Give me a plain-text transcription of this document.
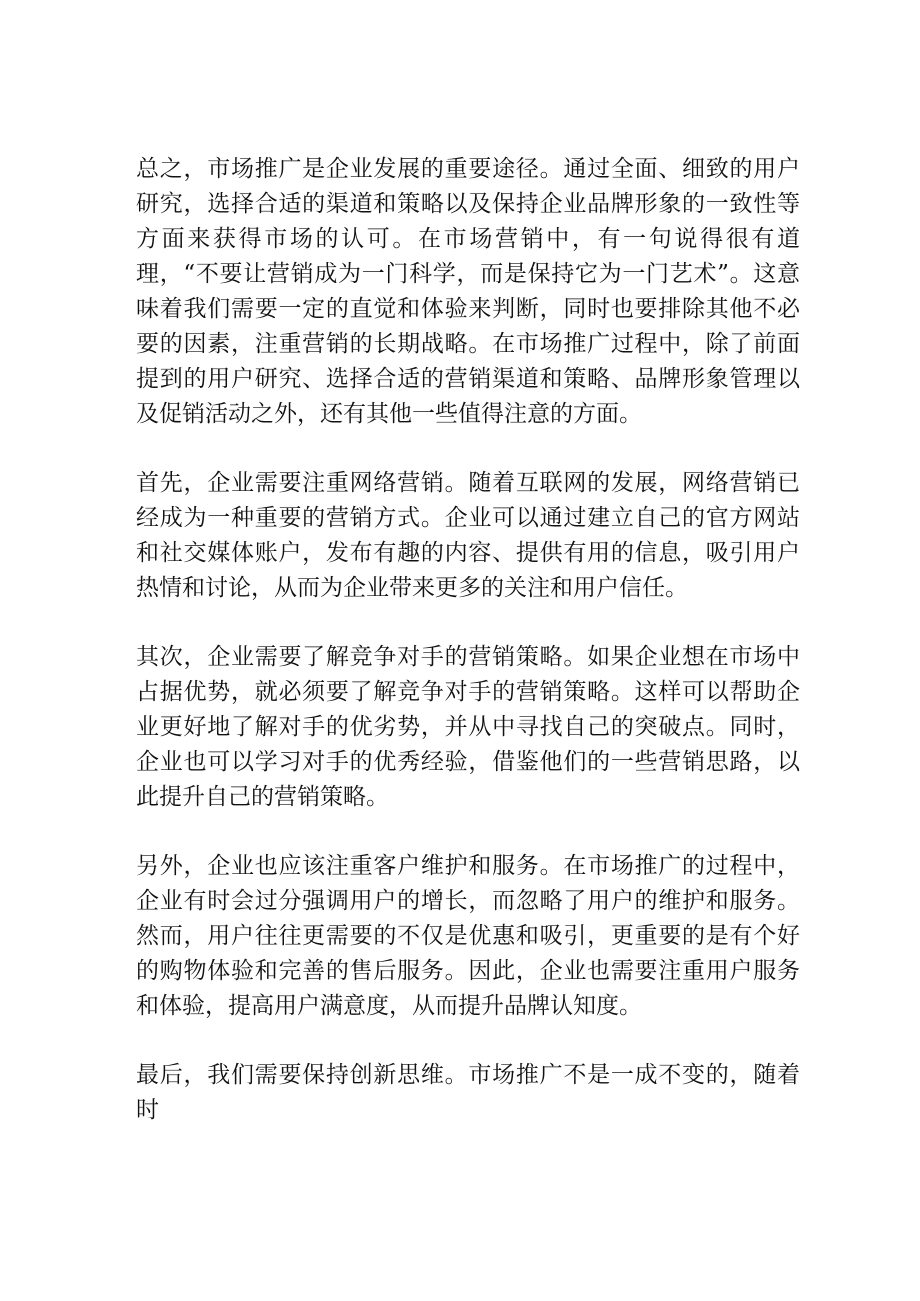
总之，市场推广是企业发展的重要途径。通过全面、细致的用户研究，选择合适的渠道和策略以及保持企业品牌形象的一致性等方面来获得市场的认可。在市场营销中，有一句说得很有道理，“不要让营销成为一门科学，而是保持它为一门艺术”。这意味着我们需要一定的直觉和体验来判断，同时也要排除其他不必要的因素，注重营销的长期战略。在市场推广过程中，除了前面提到的用户研究、选择合适的营销渠道和策略、品牌形象管理以及促销活动之外，还有其他一些值得注意的方面。

首先，企业需要注重网络营销。随着互联网的发展，网络营销已经成为一种重要的营销方式。企业可以通过建立自己的官方网站和社交媒体账户，发布有趣的内容、提供有用的信息，吸引用户热情和讨论，从而为企业带来更多的关注和用户信任。

其次，企业需要了解竞争对手的营销策略。如果企业想在市场中占据优势，就必须要了解竞争对手的营销策略。这样可以帮助企业更好地了解对手的优劣势，并从中寻找自己的突破点。同时，企业也可以学习对手的优秀经验，借鉴他们的一些营销思路，以此提升自己的营销策略。

另外，企业也应该注重客户维护和服务。在市场推广的过程中，企业有时会过分强调用户的增长，而忽略了用户的维护和服务。然而，用户往往更需要的不仅是优惠和吸引，更重要的是有个好的购物体验和完善的售后服务。因此，企业也需要注重用户服务和体验，提高用户满意度，从而提升品牌认知度。

最后，我们需要保持创新思维。市场推广不是一成不变的，随着时
